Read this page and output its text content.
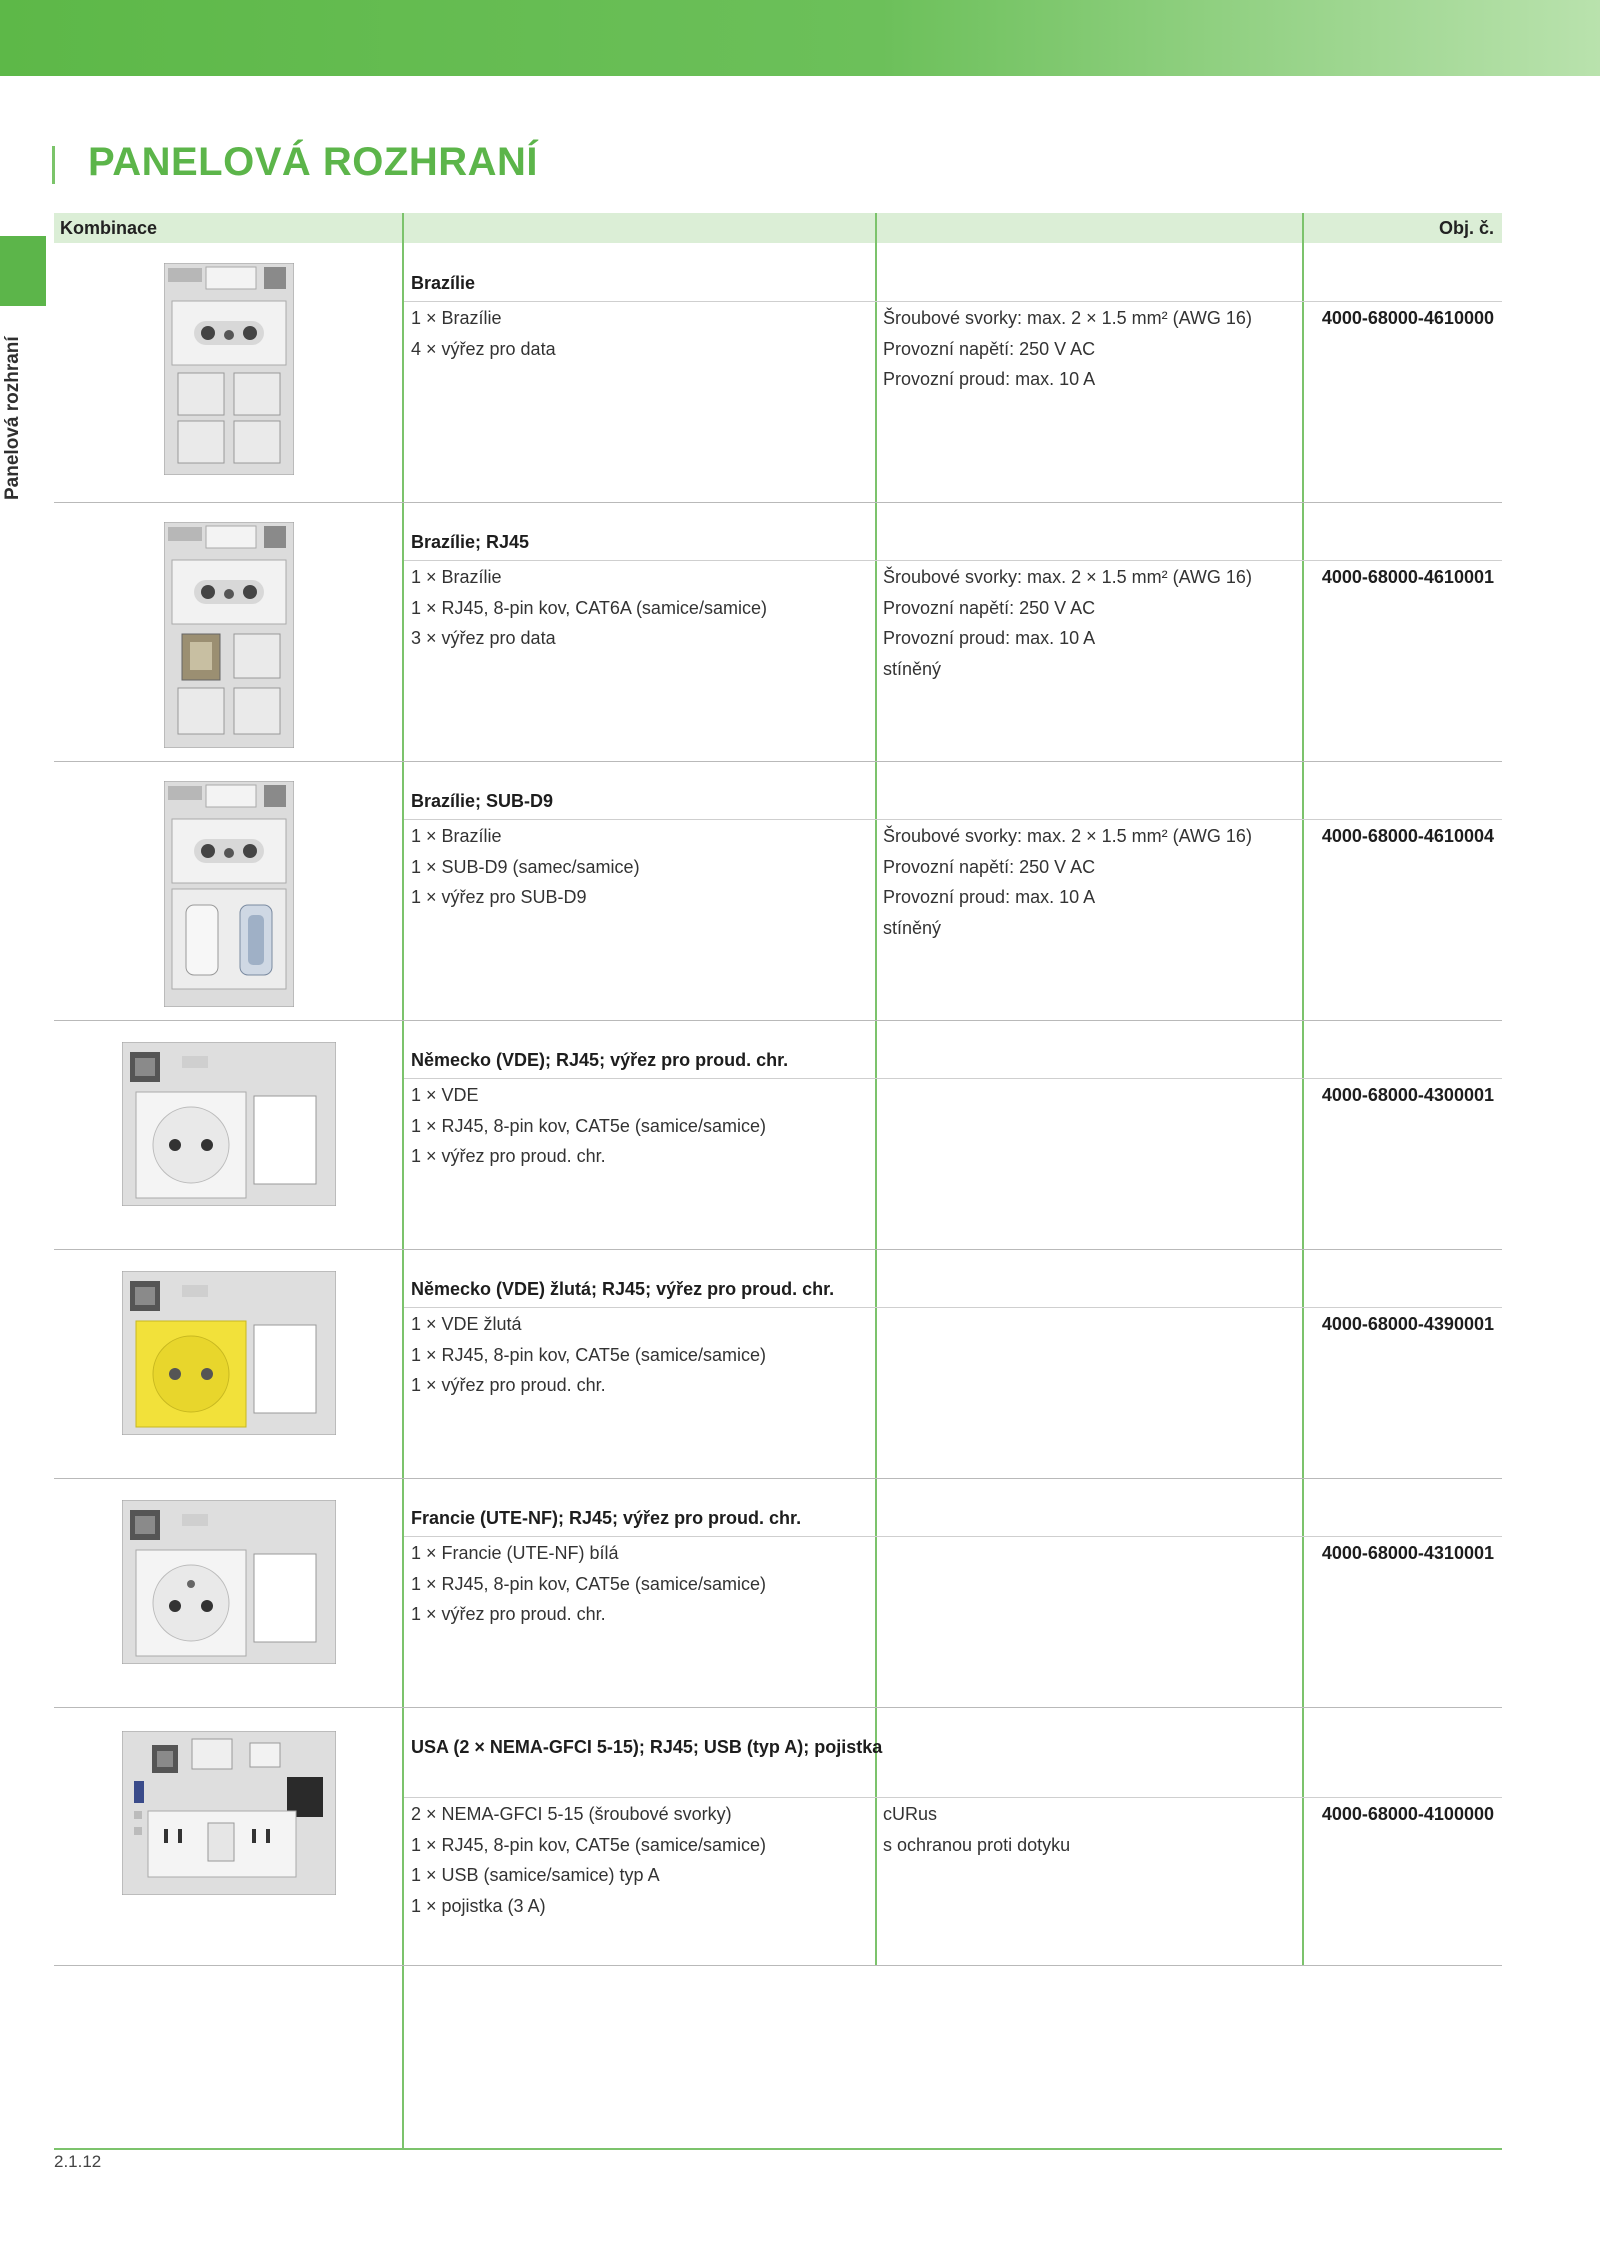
PANELOVÁ ROZHRANÍ
Panelová rozhraní
Kombinace	Obj. č.
Brazílie
1 × Brazílie
4 × výřez pro data
Šroubové svorky: max. 2 × 1.5 mm² (AWG 16)
Provozní napětí: 250 V AC
Provozní proud: max. 10 A
4000-68000-4610000
Brazílie; RJ45
1 × Brazílie
1 × RJ45, 8-pin kov, CAT6A (samice/samice)
3 × výřez pro data
Šroubové svorky: max. 2 × 1.5 mm² (AWG 16)
Provozní napětí: 250 V AC
Provozní proud: max. 10 A
stíněný
4000-68000-4610001
Brazílie; SUB-D9
1 × Brazílie
1 × SUB-D9 (samec/samice)
1 × výřez pro SUB-D9
Šroubové svorky: max. 2 × 1.5 mm² (AWG 16)
Provozní napětí: 250 V AC
Provozní proud: max. 10 A
stíněný
4000-68000-4610004
Německo (VDE); RJ45; výřez pro proud. chr.
1 × VDE
1 × RJ45, 8-pin kov, CAT5e (samice/samice)
1 × výřez pro proud. chr.
4000-68000-4300001
Německo (VDE) žlutá; RJ45; výřez pro proud. chr.
1 × VDE žlutá
1 × RJ45, 8-pin kov, CAT5e (samice/samice)
1 × výřez pro proud. chr.
4000-68000-4390001
Francie (UTE-NF); RJ45; výřez pro proud. chr.
1 × Francie (UTE-NF) bílá
1 × RJ45, 8-pin kov, CAT5e (samice/samice)
1 × výřez pro proud. chr.
4000-68000-4310001
USA (2 × NEMA-GFCI 5-15); RJ45; USB (typ A); pojistka
2 × NEMA-GFCI 5-15 (šroubové svorky)
1 × RJ45, 8-pin kov, CAT5e (samice/samice)
1 × USB (samice/samice) typ A
1 × pojistka (3 A)
cURus
s ochranou proti dotyku
4000-68000-4100000
2.1.12
